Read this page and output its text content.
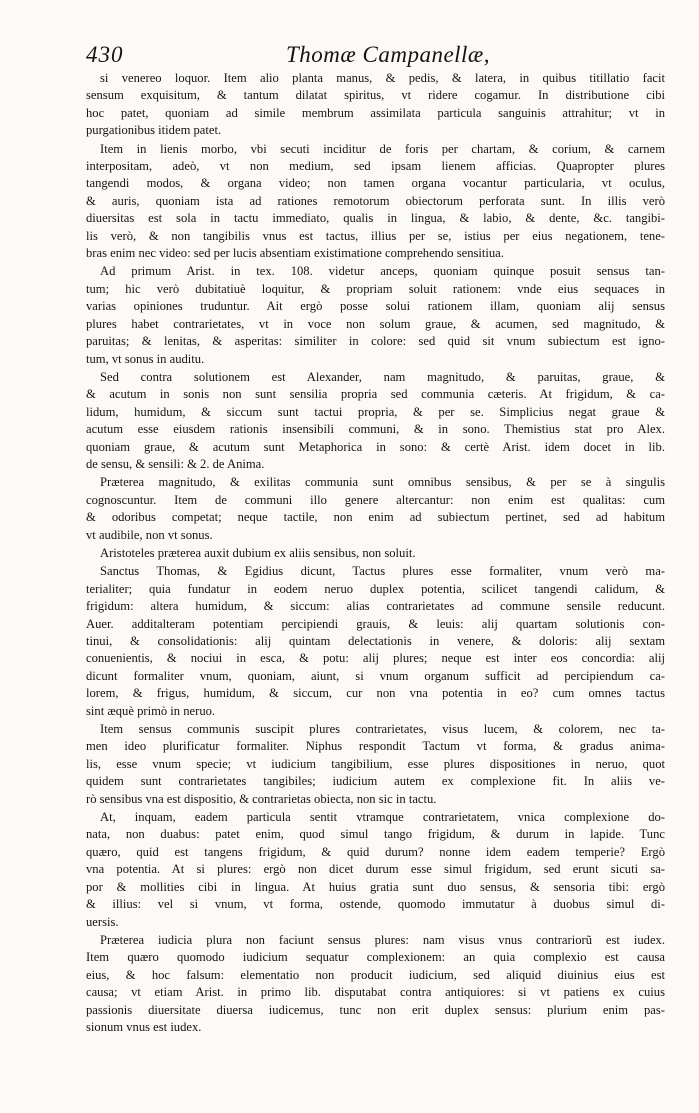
430	Thomæ Campanellæ,
si venereo loquor. Item alio planta manus, & pedis, & latera, in quibus titillatio facit
sensum exquisitum, & tantum dilatat spiritus, vt ridere cogamur. In distributione cibi
hoc patet, quoniam ad simile membrum assimilata particula sanguinis attrahitur; vt in
purgationibus itidem patet.
Item in lienis morbo, vbi secuti inciditur de foris per chartam, & corium, & carnem
interpositam, adeò, vt non medium, sed ipsam lienem afficias. Quapropter plures
tangendi modos, & organa video; non tamen organa vocantur particularia, vt oculus,
& auris, quoniam ista ad rationes remotorum obiectorum perforata sunt. In illis verò
diuersitas est sola in tactu immediato, qualis in lingua, & labio, & dente, &c. tangibi-
lis verò, & non tangibilis vnus est tactus, illius per se, istius per eius negationem, tene-
bras enim nec video: sed per lucis absentiam existimatione comprehendo sensitiua.
Ad primum Arist. in tex. 108. videtur anceps, quoniam quinque posuit sensus tan-
tum; hic verò dubitatiuè loquitur, & propriam soluit rationem: vnde eius sequaces in
varias opiniones truduntur. Ait ergò posse solui rationem illam, quoniam alij sensus
plures habet contrarietates, vt in voce non solum graue, & acumen, sed magnitudo, &
paruitas; & lenitas, & asperitas: similiter in colore: sed quid sit vnum subiectum est igno-
tum, vt sonus in auditu.
Sed contra solutionem est Alexander, nam magnitudo, & paruitas, graue, &
& acutum in sonis non sunt sensilia propria sed communia cæteris. At frigidum, & ca-
lidum, humidum, & siccum sunt tactui propria, & per se. Simplicius negat graue &
acutum esse eiusdem rationis insensibili communi, & in sono. Themistius stat pro Alex.
quoniam graue, & acutum sunt Metaphorica in sono: & certè Arist. idem docet in lib.
de sensu, & sensili: & 2. de Anima.
Præterea magnitudo, & exilitas communia sunt omnibus sensibus, & per se à singulis
cognoscuntur. Item de communi illo genere altercantur: non enim est qualitas: cum
& odoribus competat; neque tactile, non enim ad subiectum pertinet, sed ad habitum
vt audibile, non vt sonus.
Aristoteles præterea auxit dubium ex aliis sensibus, non soluit.
Sanctus Thomas, & Egidius dicunt, Tactus plures esse formaliter, vnum verò ma-
terialiter; quia fundatur in eodem neruo duplex potentia, scilicet tangendi calidum, &
frigidum: altera humidum, & siccum: alias contrarietates ad commune sensile reducunt.
Auer. additalteram potentiam percipiendi grauis, & leuis: alij quartam solutionis con-
tinui, & consolidationis: alij quintam delectationis in venere, & doloris: alij sextam
conuenientis, & nociui in esca, & potu: alij plures; neque est inter eos concordia: alij
dicunt formaliter vnum, quoniam, aiunt, si vnum organum sufficit ad percipiendum ca-
lorem, & frigus, humidum, & siccum, cur non vna potentia in eo? cum omnes tactus
sint æquè primò in neruo.
Item sensus communis suscipit plures contrarietates, visus lucem, & colorem, nec ta-
men ideo plurificatur formaliter. Niphus respondit Tactum vt forma, & gradus anima-
lis, esse vnum specie; vt iudicium tangibilium, esse plures dispositiones in neruo, quot
quidem sunt contrarietates tangibiles; iudicium autem ex complexione fit. In aliis ve-
rò sensibus vna est dispositio, & contrarietas obiecta, non sic in tactu.
At, inquam, eadem particula sentit vtramque contrarietatem, vnica complexione do-
nata, non duabus: patet enim, quod simul tango frigidum, & durum in lapide. Tunc
quæro, quid est tangens frigidum, & quid durum? nonne idem eadem temperie? Ergò
vna potentia. At si plures: ergò non dicet durum esse simul frigidum, sed erunt sicuti sa-
por & mollities cibi in lingua. At huius gratia sunt duo sensus, & sensoria tibi: ergò
& illius: vel si vnum, vt forma, ostende, quomodo immutatur à duobus simul di-
uersis.
Præterea iudicia plura non faciunt sensus plures: nam visus vnus contrariorũ est iudex.
Item quæro quomodo iudicium sequatur complexionem: an quia complexio est causa
eius, & hoc falsum: elementatio non producit iudicium, sed aliquid diuinius eius est
causa; vt etiam Arist. in primo lib. disputabat contra antiquiores: si vt patiens ex cuius
passionis diuersitate diuersa iudicemus, tunc non erit duplex sensus: plurium enim pas-
sionum vnus est iudex.
